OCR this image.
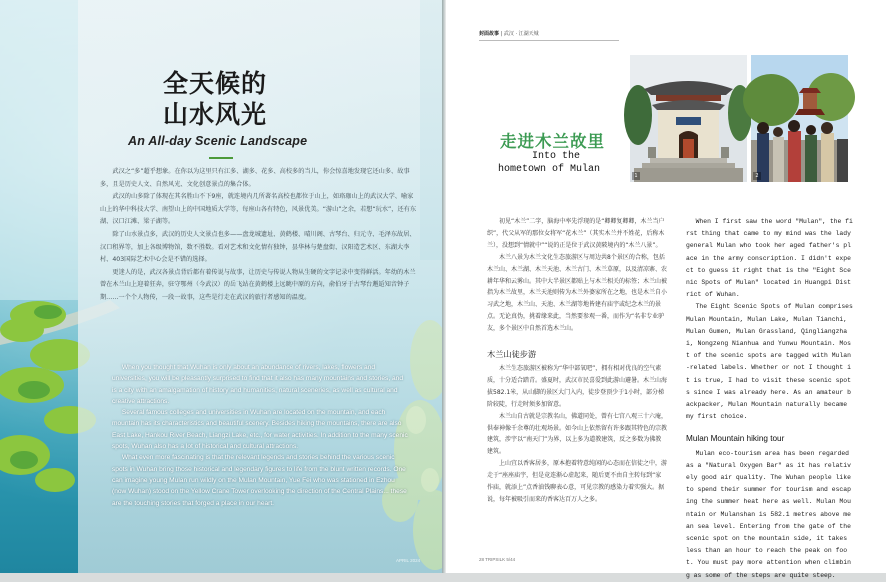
全天候的
山水风光
An All-day Scenic Landscape

武汉之“多”超乎想象。在你以为这里只有江多、湖多、花多、高校多的当儿，你会惊喜地发现它还山多、故事多，且是历史人文、自然风光、文化创意景点的集合体。

武汉的山多除了体现在其名胜山不下9座，就连境内几所著名高校也都位于山上，如珞珈山上的武汉大学、喻家山上的华中科技大学、南望山上的中国地质大学等，每座山各有特色，风景优美。“游山”之余，若想“玩水”，还有东湖、汉口江滩、梁子湖等。

除了山水景点多，武汉的历史人文景点也多——盘龙城遗址、黄鹤楼、晴川阁、古琴台、归元寺、毛泽东故居、汉口租界等，加上各级博物馆，数不胜数。看对艺术和文化情有独钟，昙华林与楚盘街、汉阳造艺术区、东湖大李村、403国际艺术中心会是不错的选择。

更迷人的是，武汉各景点背后都有着传说与故事，让历史与传说人物从生硬的文字记录中变得鲜活。年幼的木兰曾在木兰山上迎着狂奔，驻守鄂州（今武汉）的岳飞站在黄鹤楼上远眺中原的方向，俞伯牙于古琴台邂逅知音钟子期……一个个人物传，一段一故事，这些是行走在武汉的旅行者感知的温度。

When you thought that Wuhan is only about an abundance of rivers, lakes, flowers and universities, you will be pleasantly surprised to find that it also has many mountains and stories, and is a city with an amalgamation of history and humanities, natural sceneries, as well as cultural and creative attractions.

Several famous colleges and universities in Wuhan are located on the mountain, and each mountain has its characteristics and beautiful scenery. Besides hiking the mountains, there are also East Lake, Hankou River Beach, Liangzi Lake, etc., for water activities. In addition to the many scenic spots, Wuhan also has a lot of historical and cultural attractions.

What even more fascinating is that the relevant legends and stories behind the various scenic spots in Wuhan bring those historical and legendary figures to life from the blunt written records. One can imagine young Mulan run wildly on the Mulan Mountain, Yue Fei who was stationed in Ezhou (now Wuhan) stood on the Yellow Crane Tower overlooking the direction of the Central Plains... these are the touching stories that forged a place in our heart.

APRIL 2024
封面故事 | 武汉 · 江湖天城
1	2
走进木兰故里
Into the
hometown of Mulan

初见“木兰”二字，脑海中率先浮现的是“卿卿复卿卿，木兰当户织”，代父从军的那位女将军“花木兰”（其实木兰并不姓花，后称木兰），没想到“情就中”“说的正是位于武汉黄陂境内的“木兰八景”。

木兰八景为木兰文化生态旅游区与周边共8个景区的合称，包括木兰山、木兰湖、木兰天池、木兰古门、木兰草原，以及清凉寨、农耕年华和云雾山。其中大半景区都贴上与木兰相关的标签；木兰山被指为木兰故里，木兰天池则传为木兰外婆家所在之地，也是木兰自小习武之地，木兰山、天池、木兰湖等地皆建有庙宇或纪念木兰的景点。无论真伪，挑着缘来此，当然要参观一番，而作为“名非专业驴友，多个景区中自然首选木兰山。

木兰山徒步游

木兰生态旅游区被称为“华中部氧吧”，拥有相对优良的空气素质，十分适合踏青。盛夏时，武汉市民喜爱到此游山避暑。木兰山海拔582.1米，从山脚的景区大门入内，徒步登顶少于1小时，部分梯阶较陡，行走时须多加留意。

木兰山自古就是宗教名山，佛道同处，曾有七宫八观三十六庵，供奉神像千余尊的壮观场景。如今山上依然留有许多跟其特色的宗教建筑，涉宇以“南天门”为界，以上多为道教建筑，反之多数为佛教建筑。

上山宜以香客居多，原本抱着特意纯闲的心态而在信徒之中，游走于“座座庙宇，但是竟连渐心虚起来，随后更不由自主转每到“家作庙，就添上”点香油钱聊表心意，可见宗教的感染力着实强大。据说，每年被吸引而来的香客达百万人之多。

When I first saw the word "Mulan", the first thing that came to my mind was the lady general Mulan who took her aged father's place in the army conscription. I didn't expect to guess it right that is the "Eight Scenic Spots of Mulan" located in Huangpi District of Wuhan.

The Eight Scenic Spots of Mulan comprises Mulan Mountain, Mulan Lake, Mulan Tianchi, Mulan Gumen, Mulan Grassland, Qingliangzhai, Nongzeng Nianhua and Yunwu Mountain. Most of the scenic spots are tagged with Mulan-related labels. Whether or not I thought it is true, I had to visit these scenic spots since I was already here. As an amateur backpacker, Mulan Mountain naturally became my first choice.

Mulan Mountain hiking tour

Mulan eco-tourism area has been regarded as a "Natural Oxygen Bar" as it has relatively good air quality. The Wuhan people like to spend their summer for tourism and escaping the summer heat here as well. Mulan Mountain or Mulanshan is 582.1 metres above mean sea level. Entering from the gate of the scenic spot on the mountain side, it takes less than an hour to reach the peak on foot. You must pay more attention when climbing as some of the steps are quite steep.

28 TRIPSILK 5/44
